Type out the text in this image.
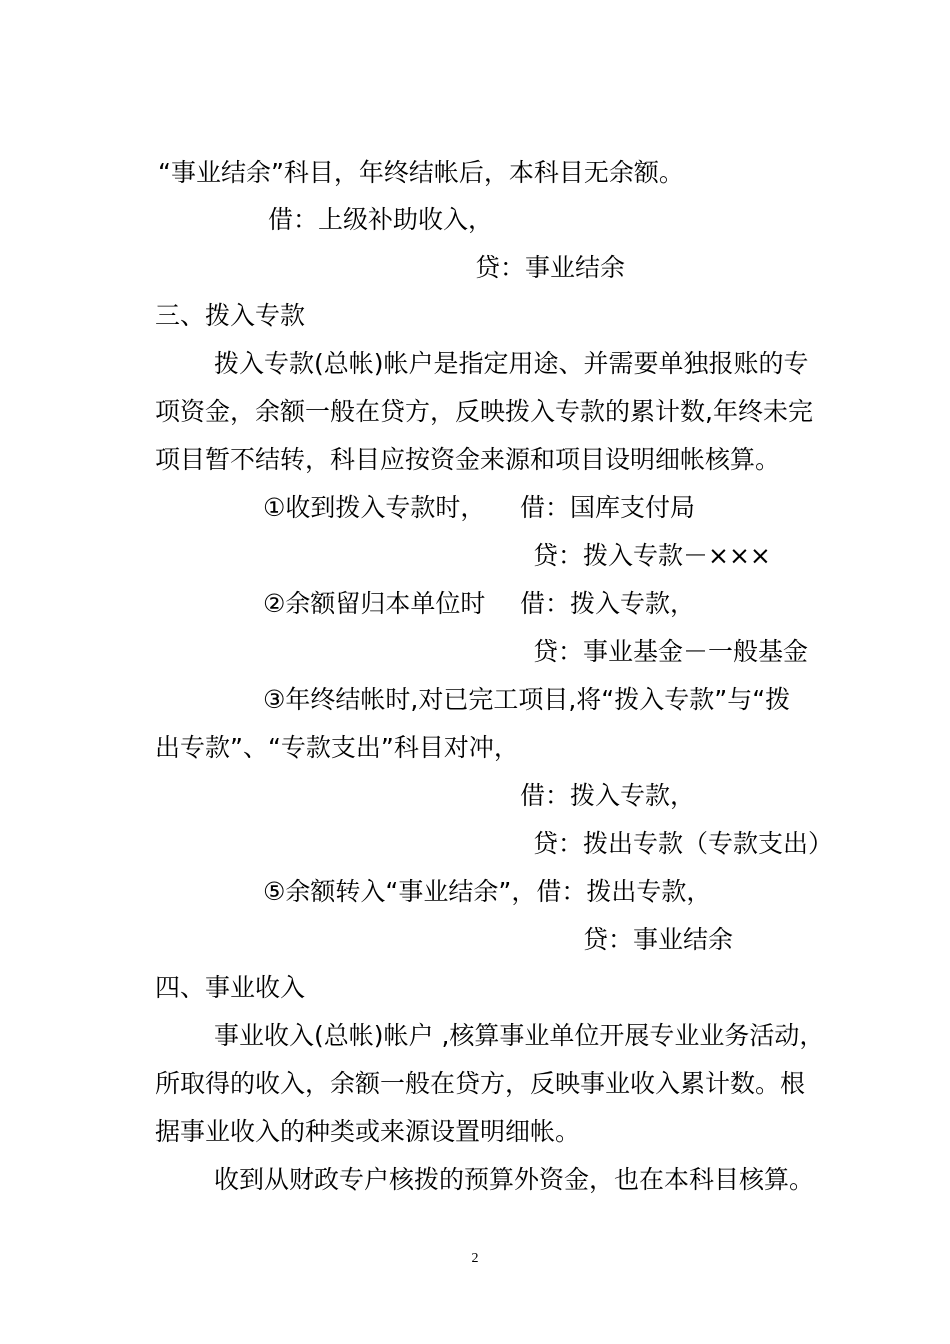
“事业结余”科目，年终结帐后，本科目无余额。
借：上级补助收入，
贷：事业结余
三、拨入专款
拨入专款(总帐)帐户是指定用途、并需要单独报账的专
项资金，余额一般在贷方，反映拨入专款的累计数,年终未完
项目暂不结转，科目应按资金来源和项目设明细帐核算。
①收到拨入专款时， 借：国库支付局
贷：拨入专款－×××
②余额留归本单位时 借：拨入专款，
贷：事业基金－一般基金
③年终结帐时,对已完工项目,将“拨入专款”与“拨
出专款”、“专款支出”科目对冲，
借：拨入专款，
贷：拨出专款（专款支出）
⑤余额转入“事业结余”，借：拨出专款，
贷：事业结余
四、事业收入
事业收入(总帐)帐户 ,核算事业单位开展专业业务活动，
所取得的收入，余额一般在贷方，反映事业收入累计数。根
据事业收入的种类或来源设置明细帐。
收到从财政专户核拨的预算外资金，也在本科目核算。
2
